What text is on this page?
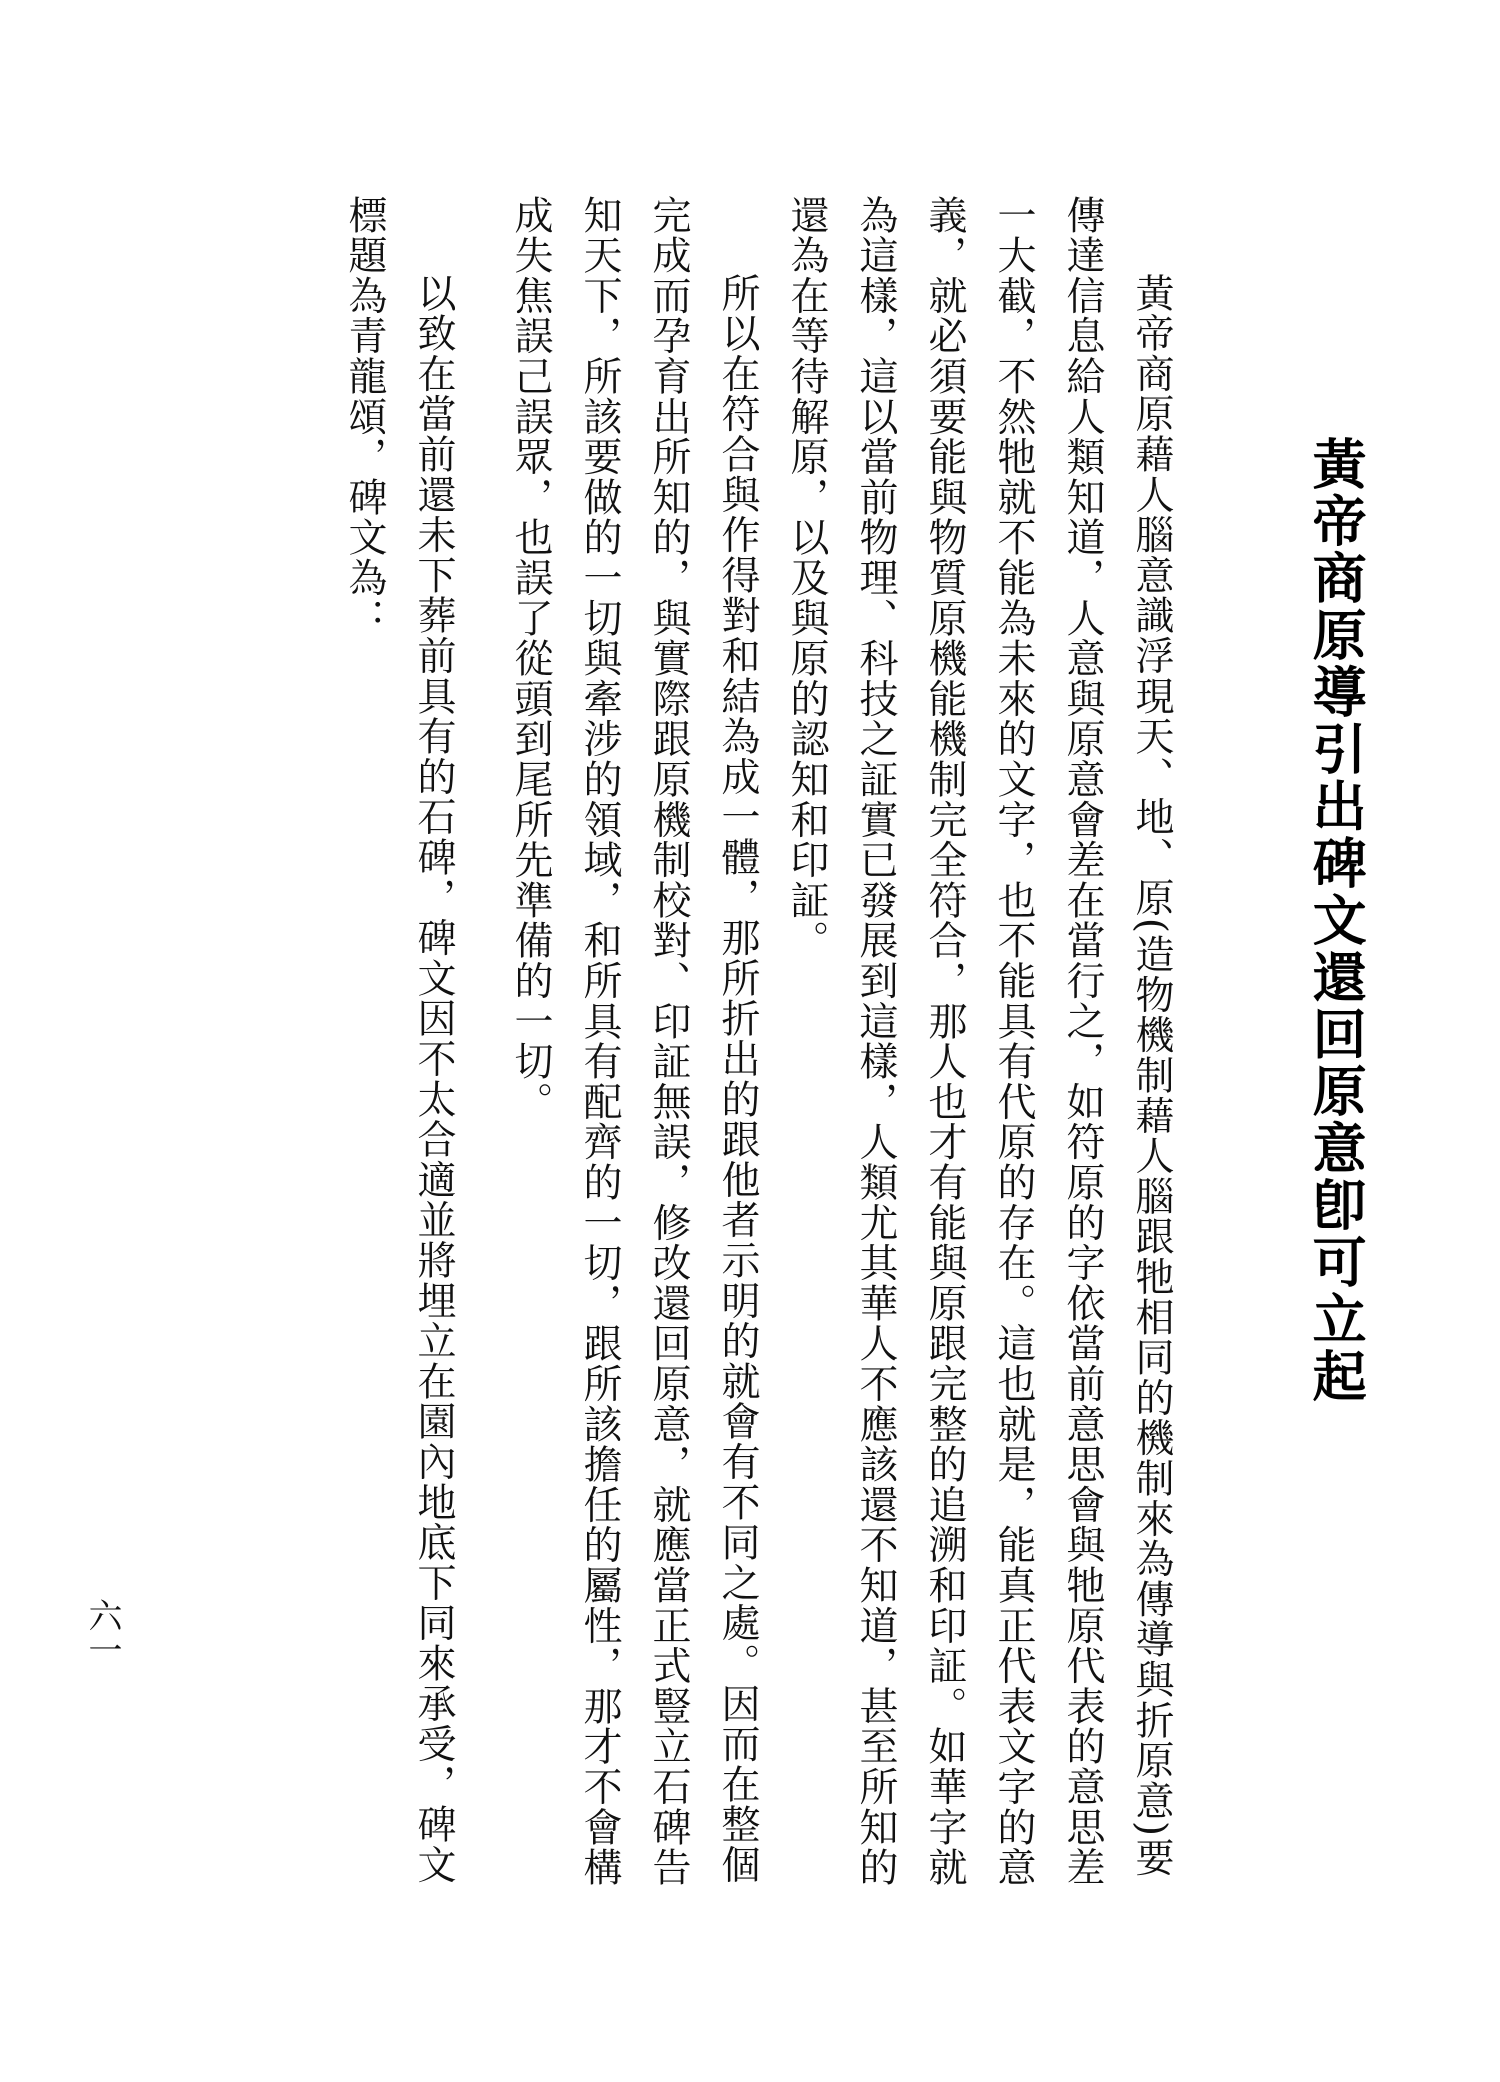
黃帝商原導引出碑文還回原意卽可立起

黃帝商原藉人腦意識浮現天、地、原(造物機制藉人腦跟牠相同的機制來為傳導與折原意)要傳達信息給人類知道，人意與原意會差在當行之，如符原的字依當前意思會與牠原代表的意思差一大截，不然牠就不能為未來的文字，也不能具有代原的存在。這也就是，能真正代表文字的意義，就必須要能與物質原機能機制完全符合，那人也才有能與原跟完整的追溯和印証。如華字就為這樣，這以當前物理、科技之証實已發展到這樣，人類尤其華人不應該還不知道，甚至所知的還為在等待解原，以及與原的認知和印証。

所以在符合與作得對和結為成一體，那所折出的跟他者示明的就會有不同之處。因而在整個完成而孕育出所知的，與實際跟原機制校對、印証無誤，修改還回原意，就應當正式豎立石碑告知天下，所該要做的一切與牽涉的領域，和所具有配齊的一切，跟所該擔任的屬性，那才不會構成失焦誤己誤眾，也誤了從頭到尾所先準備的一切。

以致在當前還未下葬前具有的石碑，碑文因不太合適並將埋立在園內地底下同來承受，碑文標題為青龍頌，碑文為：

六一
